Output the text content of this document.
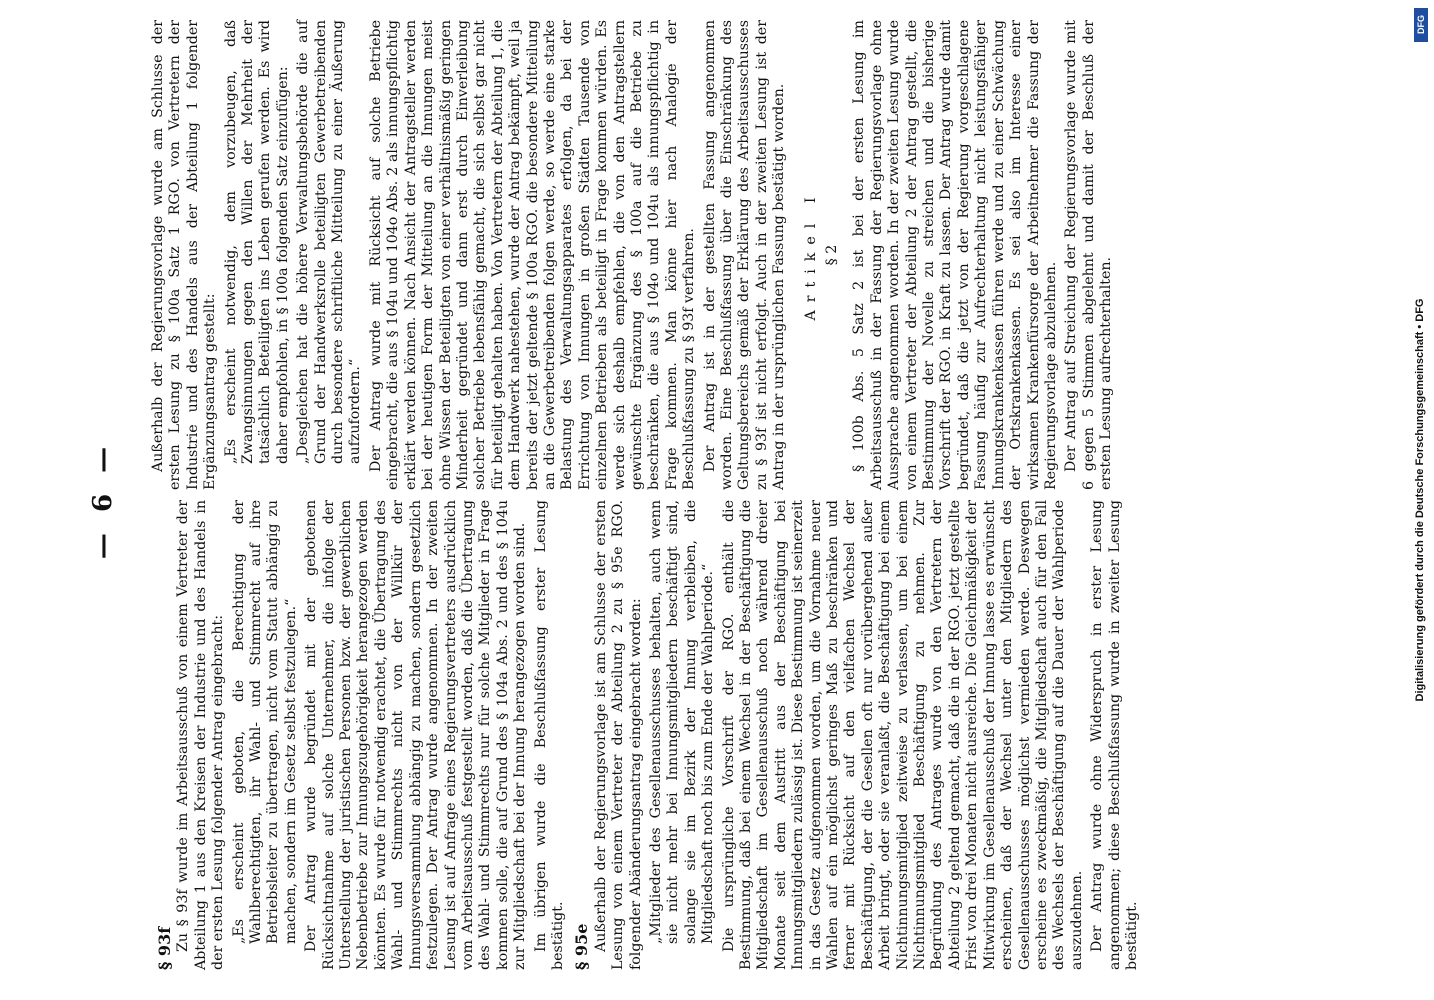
— 6 —
§ 93f Zu § 93f wurde im Arbeitsausschuß von einem Vertreter der Abteilung 1 aus den Kreisen der Industrie und des Handels in der ersten Lesung folgender Antrag eingebracht: „Es erscheint geboten, die Berechtigung der Wahlberechtigten, ihr Wahl- und Stimmrecht auf ihre Betriebsleiter zu übertragen, nicht vom Statut abhängig zu machen, sondern im Gesetz selbst festzulegen.“ Der Antrag wurde begründet mit der gebotenen Rücksichtnahme auf solche Unternehmer, die infolge der Unterstellung der juristischen Personen bzw. der gewerblichen Nebenbetriebe zur Innungszugehörigkeit herangezogen werden könnten. Es wurde für notwendig erachtet, die Übertragung des Wahl- und Stimmrechts nicht von der Willkür der Innungsversammlung abhängig zu machen, sondern gesetzlich festzulegen. Der Antrag wurde angenommen. In der zweiten Lesung ist auf Anfrage eines Regierungsvertreters ausdrücklich vom Arbeitsausschuß festgestellt worden, daß die Übertragung des Wahl- und Stimmrechts nur für solche Mitglieder in Frage kommen solle, die auf Grund des § 104a Abs. 2 und des § 104u zur Mitgliedschaft bei der Innung herangezogen worden sind. Im übrigen wurde die Beschlußfassung erster Lesung bestätigt. § 95e Außerhalb der Regierungsvorlage ist am Schlusse der ersten Lesung von einem Vertreter der Abteilung 2 zu § 95e RGO. folgender Abänderungsantrag eingebracht worden: „Mitglieder des Gesellenausschusses behalten, auch wenn sie nicht mehr bei Innungsmitgliedern beschäftigt sind, solange sie im Bezirk der Innung verbleiben, die Mitgliedschaft noch bis zum Ende der Wahlperiode.“ Die ursprüngliche Vorschrift der RGO. enthält die Bestimmung, daß bei einem Wechsel in der Beschäftigung die Mitgliedschaft im Gesellenausschuß noch während dreier Monate seit dem Austritt aus der Beschäftigung bei Innungsmitgliedern zulässig ist. Diese Bestimmung ist seinerzeit in das Gesetz aufgenommen worden, um die Vornahme neuer Wahlen auf ein möglichst geringes Maß zu beschränken und ferner mit Rücksicht auf den vielfachen Wechsel der Beschäftigung, der die Gesellen oft nur vorübergehend außer Arbeit bringt, oder sie veranlaßt, die Beschäftigung bei einem Nichtinnungsmitglied zeitweise zu verlassen, um bei einem Nichtinnungsmitglied Beschäftigung zu nehmen. Zur Begründung des Antrages wurde von den Vertretern der Abteilung 2 geltend gemacht, daß die in der RGO. jetzt gestellte Frist von drei Monaten nicht ausreiche. Die Gleichmäßigkeit der Mitwirkung im Gesellenausschuß der Innung lasse es erwünscht erscheinen, daß der Wechsel unter den Mitgliedern des Gesellenausschusses möglichst vermieden werde. Deswegen erscheine es zweckmäßig, die Mitgliedschaft auch für den Fall des Wechsels der Beschäftigung auf die Dauer der Wahlperiode auszudehnen. Der Antrag wurde ohne Widerspruch in erster Lesung angenommen; diese Beschlußfassung wurde in zweiter Lesung bestätigt.

Außerhalb der Regierungsvorlage wurde am Schlusse der ersten Lesung zu § 100a Satz 1 RGO. von Vertretern der Industrie und des Handels aus der Abteilung 1 folgender Ergänzungsantrag gestellt: „Es erscheint notwendig, dem vorzubeugen, daß Zwangsinnungen gegen den Willen der Mehrheit der tatsächlich Beteiligten ins Leben gerufen werden. Es wird daher empfohlen, in § 100a folgenden Satz einzufügen: „Desgleichen hat die höhere Verwaltungsbehörde die auf Grund der Handwerksrolle beteiligten Gewerbetreibenden durch besondere schriftliche Mitteilung zu einer Äußerung aufzufordern.“ Der Antrag wurde mit Rücksicht auf solche Betriebe eingebracht, die aus § 104u und 104o Abs. 2 als innungspflichtig erklärt werden können. Nach Ansicht der Antragsteller werden bei der heutigen Form der Mitteilung an die Innungen meist ohne Wissen der Beteiligten von einer verhältnismäßig geringen Minderheit gegründet und dann erst durch Einverleibung solcher Betriebe lebensfähig gemacht, die sich selbst gar nicht für beteiligt gehalten haben. Von Vertretern der Abteilung 1, die dem Handwerk nahestehen, wurde der Antrag bekämpft, weil ja bereits der jetzt geltende § 100a RGO. die besondere Mitteilung an die Gewerbetreibenden folgen werde, so werde eine starke Belastung des Verwaltungsapparates erfolgen, da bei der Errichtung von Innungen in großen Städten Tausende von einzelnen Betrieben als beteiligt in Frage kommen würden. Es werde sich deshalb empfehlen, die von den Antragstellern gewünschte Ergänzung des § 100a auf die Betriebe zu beschränken, die aus § 104o und 104u als innungspflichtig in Frage kommen. Man könne hier nach Analogie der Beschlußfassung zu § 93f verfahren. Der Antrag ist in der gestellten Fassung angenommen worden. Eine Beschlußfassung über die Einschränkung des Geltungsbereichs gemäß der Erklärung des Arbeitsausschusses zu § 93f ist nicht erfolgt. Auch in der zweiten Lesung ist der Antrag in der ursprünglichen Fassung bestätigt worden. Artikel I § 2 § 100b Abs. 5 Satz 2 ist bei der ersten Lesung im Arbeitsausschuß in der Fassung der Regierungsvorlage ohne Aussprache angenommen worden. In der zweiten Lesung wurde von einem Vertreter der Abteilung 2 der Antrag gestellt, die Bestimmung der Novelle zu streichen und die bisherige Vorschrift der RGO. in Kraft zu lassen. Der Antrag wurde damit begründet, daß die jetzt von der Regierung vorgeschlagene Fassung häufig zur Aufrechterhaltung nicht leistungsfähiger Innungskrankenkassen führen werde und zu einer Schwächung der Ortskrankenkassen. Es sei also im Interesse einer wirksamen Krankenfürsorge der Arbeitnehmer die Fassung der Regierungsvorlage abzulehnen. Der Antrag auf Streichung der Regierungsvorlage wurde mit 6 gegen 5 Stimmen abgelehnt und damit der Beschluß der ersten Lesung aufrechterhalten.	Digitalisierung gefördert durch die Deutsche Forschungsgemeinschaft • DFG
DFG
